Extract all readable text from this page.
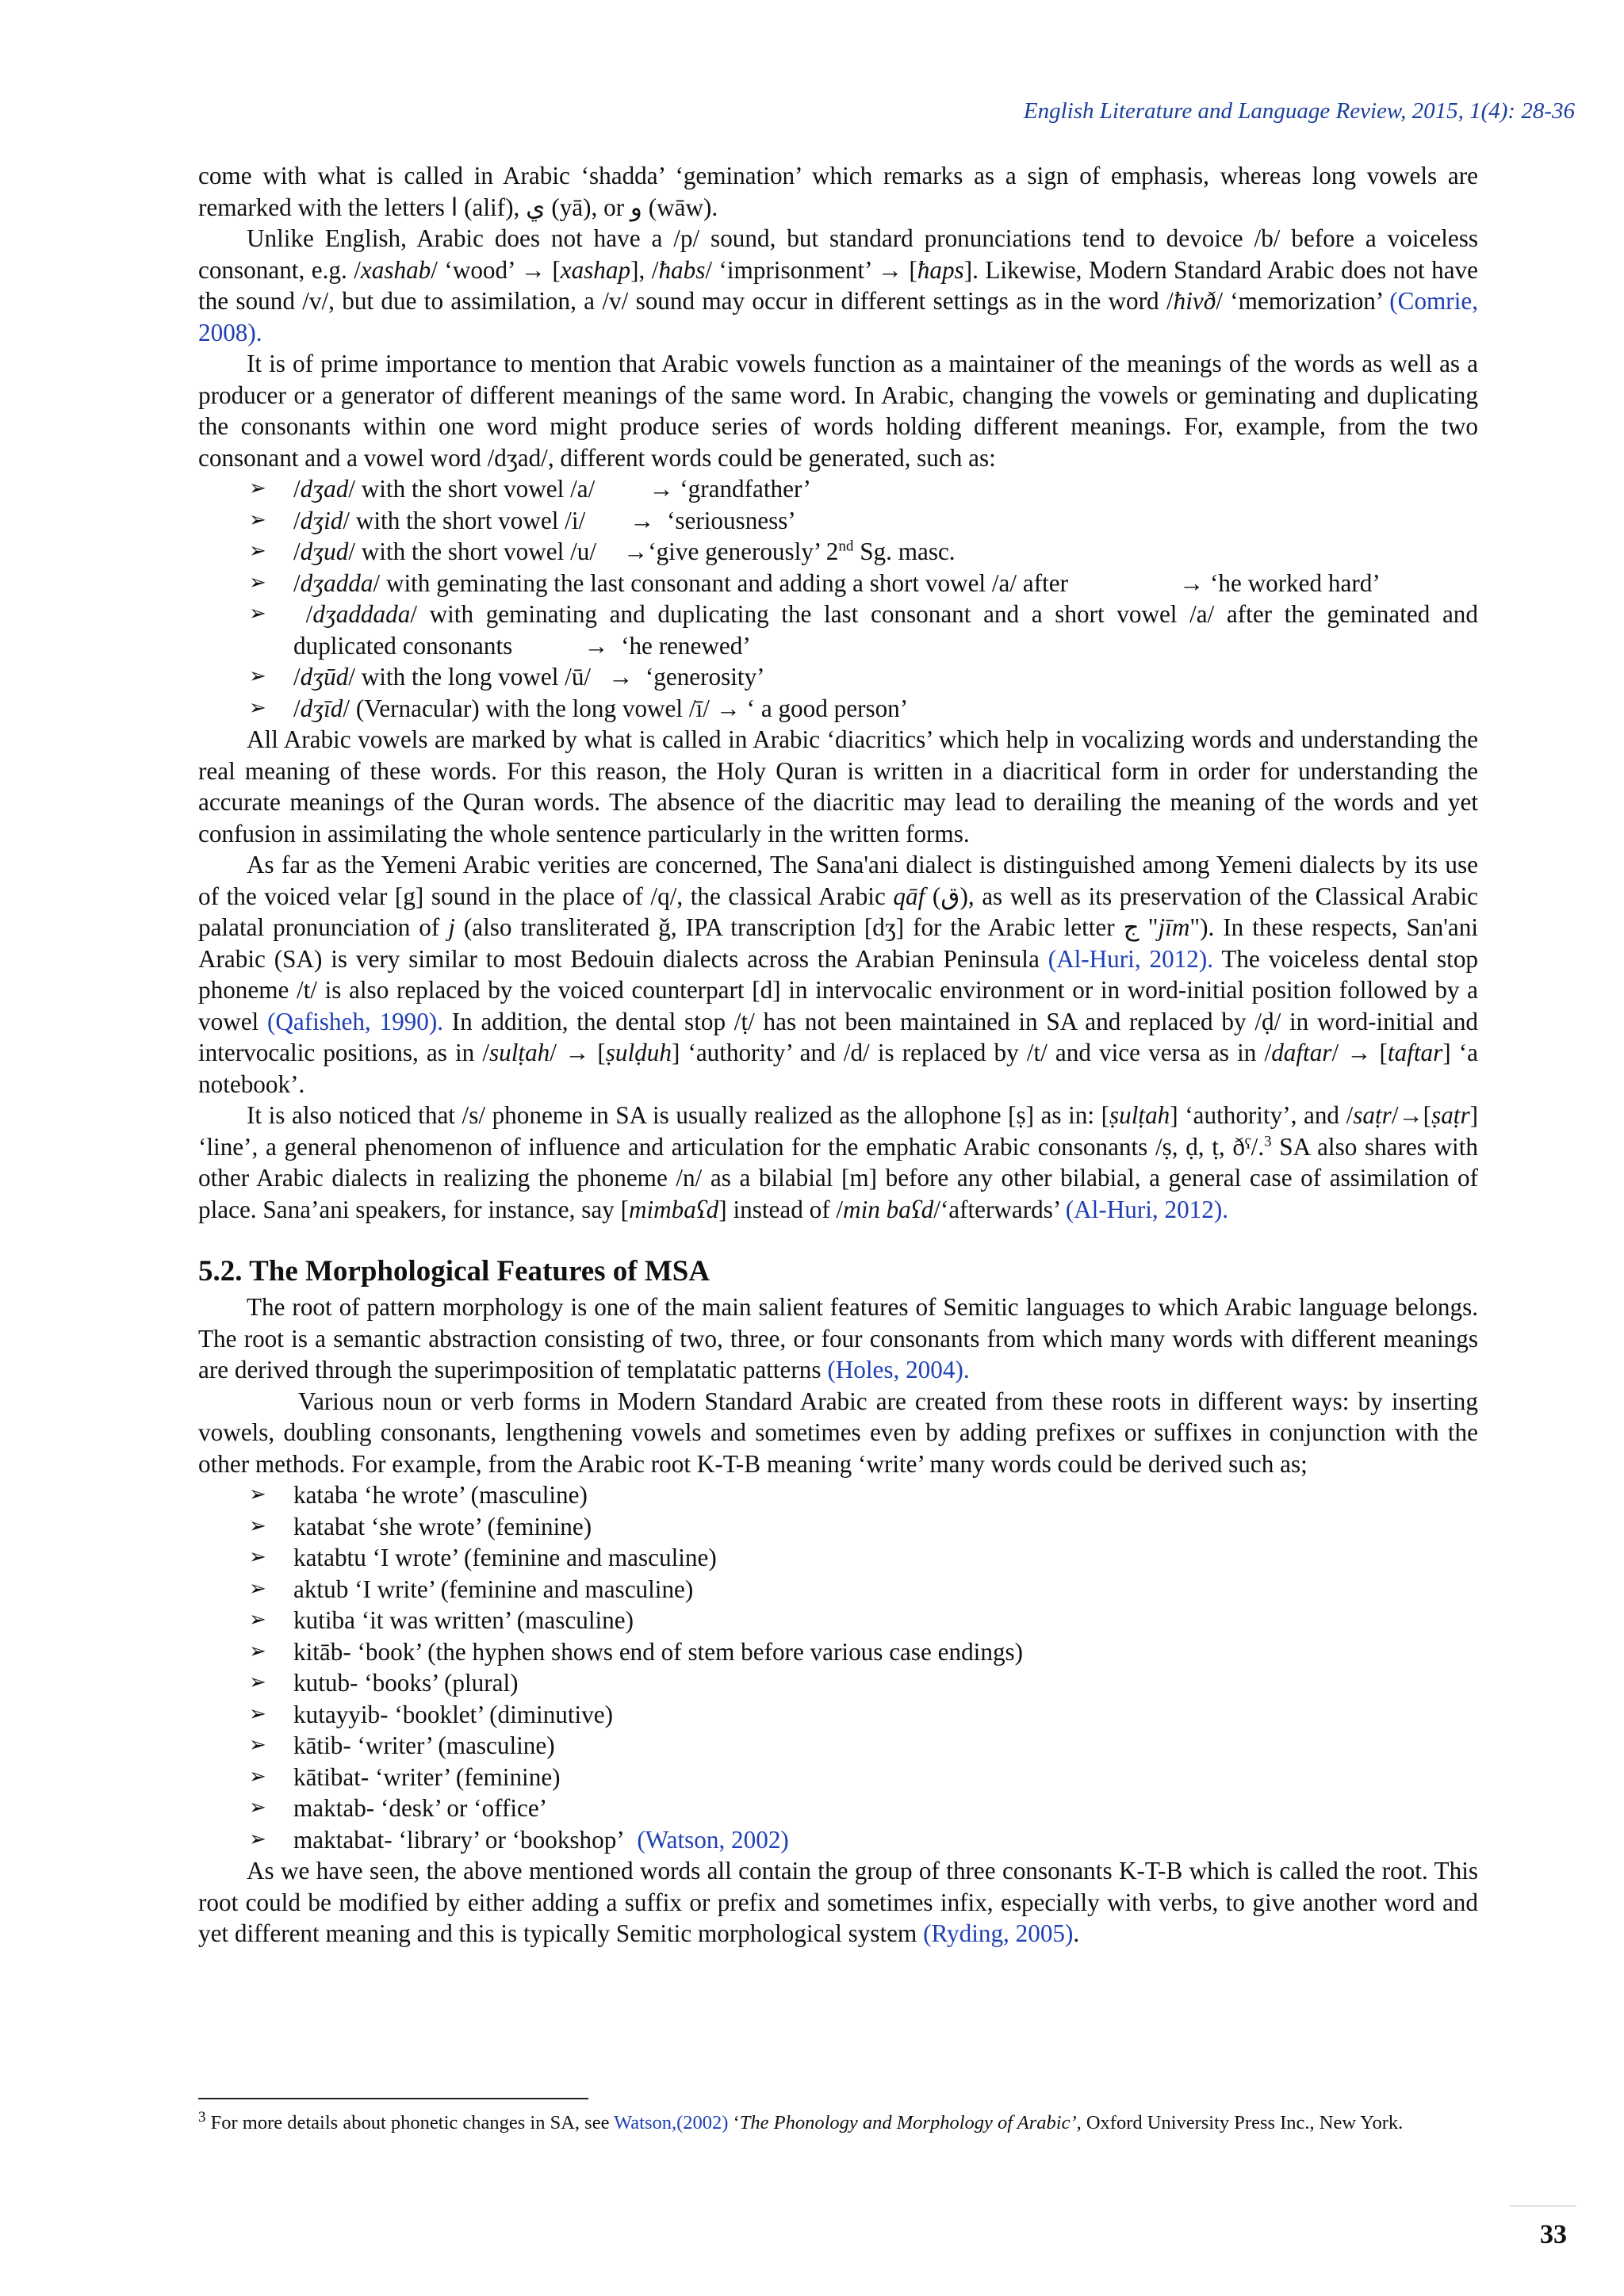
English Literature and Language Review, 2015, 1(4): 28-36

come with what is called in Arabic ‘shadda’ ‘gemination’ which remarks as a sign of emphasis, whereas long vowels are remarked with the letters ا (alif), ي (yā), or و (wāw).

Unlike English, Arabic does not have a /p/ sound, but standard pronunciations tend to devoice /b/ before a voiceless consonant, e.g. /xashab/ ‘wood’ → [xashap], /ħabs/ ‘imprisonment’ → [ħaps]. Likewise, Modern Standard Arabic does not have the sound /v/, but due to assimilation, a /v/ sound may occur in different settings as in the word /ħivð/ ‘memorization’ (Comrie, 2008).

It is of prime importance to mention that Arabic vowels function as a maintainer of the meanings of the words as well as a producer or a generator of different meanings of the same word. In Arabic, changing the vowels or geminating and duplicating the consonants within one word might produce series of words holding different meanings. For, example, from the two consonant and a vowel word /dʒad/, different words could be generated, such as:

➢ /dʒad/ with the short vowel /a/ → ‘grandfather’
➢ /dʒid/ with the short vowel /i/ → ‘seriousness’
➢ /dʒud/ with the short vowel /u/ →‘give generously’ 2nd Sg. masc.
➢ /dʒadda/ with geminating the last consonant and adding a short vowel /a/ after	→ ‘he worked hard’
➢  /dʒaddada/ with geminating and duplicating the last consonant and a short vowel /a/ after the geminated and duplicated consonants	→ ‘he renewed’
➢ /dʒūd/ with the long vowel /ū/ → ‘generosity’
➢ /dʒīd/ (Vernacular) with the long vowel /ī/ → ‘ a good person’

All Arabic vowels are marked by what is called in Arabic ‘diacritics’ which help in vocalizing words and understanding the real meaning of these words. For this reason, the Holy Quran is written in a diacritical form in order for understanding the accurate meanings of the Quran words. The absence of the diacritic may lead to derailing the meaning of the words and yet confusion in assimilating the whole sentence particularly in the written forms.

As far as the Yemeni Arabic verities are concerned, The Sana'ani dialect is distinguished among Yemeni dialects by its use of the voiced velar [g] sound in the place of /q/, the classical Arabic qāf (ق), as well as its preservation of the Classical Arabic palatal pronunciation of j (also transliterated ǧ, IPA transcription [dʒ] for the Arabic letter ج "jīm"). In these respects, San'ani Arabic (SA) is very similar to most Bedouin dialects across the Arabian Peninsula (Al-Huri, 2012). The voiceless dental stop phoneme /t/ is also replaced by the voiced counterpart [d] in intervocalic environment or in word-initial position followed by a vowel (Qafisheh, 1990). In addition, the dental stop /ṭ/ has not been maintained in SA and replaced by /ḍ/ in word-initial and intervocalic positions, as in /sulṭah/ → [ṣulḍuh] ‘authority’ and /d/ is replaced by /t/ and vice versa as in /daftar/ → [taftar] ‘a notebook’.

It is also noticed that /s/ phoneme in SA is usually realized as the allophone [ṣ] as in: [ṣulṭah] ‘authority’, and /saṭr/→[ṣaṭr] ‘line’, a general phenomenon of influence and articulation for the emphatic Arabic consonants /ṣ, ḍ, ṭ, ðˤ/.$^3$ SA also shares with other Arabic dialects in realizing the phoneme /n/ as a bilabial [m] before any other bilabial, a general case of assimilation of place. Sana’ani speakers, for instance, say [mimbaʕd] instead of /min baʕd/‘afterwards’ (Al-Huri, 2012).

5.2. The Morphological Features of MSA

The root of pattern morphology is one of the main salient features of Semitic languages to which Arabic language belongs. The root is a semantic abstraction consisting of two, three, or four consonants from which many words with different meanings are derived through the superimposition of templatatic patterns (Holes, 2004).

Various noun or verb forms in Modern Standard Arabic are created from these roots in different ways: by inserting vowels, doubling consonants, lengthening vowels and sometimes even by adding prefixes or suffixes in conjunction with the other methods. For example, from the Arabic root K-T-B meaning ‘write’ many words could be derived such as;

➢ kataba ‘he wrote’ (masculine)
➢ katabat ‘she wrote’ (feminine)
➢ katabtu ‘I wrote’ (feminine and masculine)
➢ aktub ‘I write’ (feminine and masculine)
➢ kutiba ‘it was written’ (masculine)
➢ kitāb- ‘book’ (the hyphen shows end of stem before various case endings)
➢ kutub- ‘books’ (plural)
➢ kutayyib- ‘booklet’ (diminutive)
➢ kātib- ‘writer’ (masculine)
➢ kātibat- ‘writer’ (feminine)
➢ maktab- ‘desk’ or ‘office’
➢ maktabat- ‘library’ or ‘bookshop’ (Watson, 2002)

As we have seen, the above mentioned words all contain the group of three consonants K-T-B which is called the root. This root could be modified by either adding a suffix or prefix and sometimes infix, especially with verbs, to give another word and yet different meaning and this is typically Semitic morphological system (Ryding, 2005).

$^3$ For more details about phonetic changes in SA, see Watson,(2002) ‘The Phonology and Morphology of Arabic’, Oxford University Press Inc., New York.
33
